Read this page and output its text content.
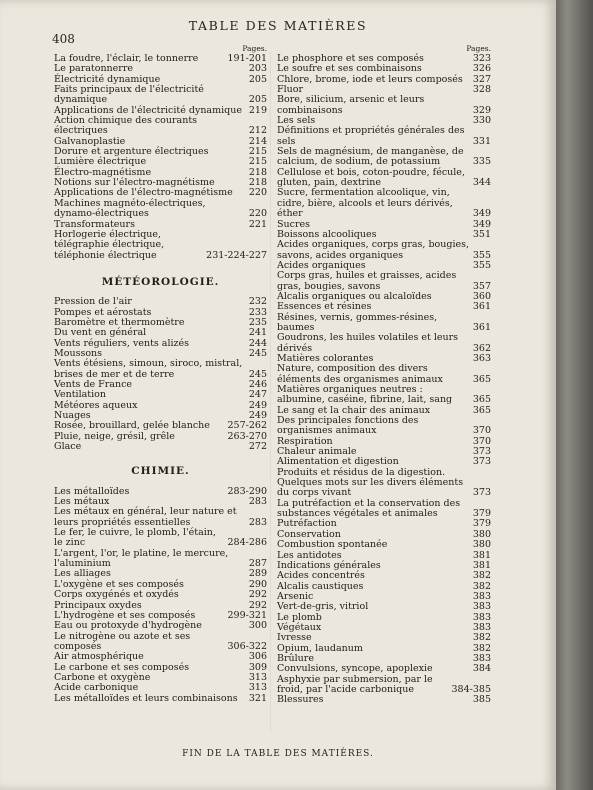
TABLE DES MATIÈRES
408
Pages.
La foudre, l'éclair, le tonnerre	191-201
Le paratonnerre	203
Électricité dynamique	205
Faits principaux de l'électricité dynamique	205
Applications de l'électricité dynamique 219
Action chimique des courants électriques	212
Galvanoplastie	214
Dorure et argenture électriques	215
Lumière électrique	215
Électro-magnétisme	218
Notions sur l'électro-magnétisme	218
Applications de l'électro-magnétisme	220
Machines magnéto-électriques, dynamo-électriques	220
Transformateurs	221
Horlogerie électrique, télégraphie électrique, téléphonie électrique	231-224-227
MÉTÉOROLOGIE.
Pression de l'air	232
Pompes et aérostats	233
Baromètre et thermomètre	235
Du vent en général	241
Vents réguliers, vents alizés	244
Moussons	245
Vents étésiens, simoun, siroco, mistral, brises de mer et de terre	245
Vents de France	246
Ventilation	247
Météores aqueux	249
Nuages	249
Rosée, brouillard, gelée blanche	257-262
Pluie, neige, grésil, grêle	263-270
Glace	272
CHIMIE.
Les métalloïdes	283-290
Les métaux	283
Les métaux en général, leur nature et leurs propriétés essentielles	283
Le fer, le cuivre, le plomb, l'étain, le zinc	284-286
L'argent, l'or, le platine, le mercure, l'aluminium	287
Les alliages	289
L'oxygène et ses composés	290
Corps oxygénés et oxydés	292
Principaux oxydes	292
L'hydrogène et ses composés	299-321
Eau ou protoxyde d'hydrogène	300
Le nitrogène ou azote et ses composés	306-322
Air atmosphérique	306
Le carbone et ses composés	309
Carbone et oxygène	313
Acide carbonique	313
Les métalloïdes et leurs combinaisons	321
Pages.
Le phosphore et ses composés	323
Le soufre et ses combinaisons	326
Chlore, brome, iode et leurs composés	327
Fluor	328
Bore, silicium, arsenic et leurs combinaisons	329
Les sels	330
Définitions et propriétés générales des sels	331
Sels de magnésium, de manganèse, de calcium, de sodium, de potassium	335
Cellulose et bois, coton-poudre, fécule, gluten, pain, dextrine	344
Sucre, fermentation alcoolique, vin, cidre, bière, alcools et leurs dérivés, éther	349
Sucres	349
Boissons alcooliques	351
Acides organiques, corps gras, bougies, savons, acides organiques	355
Acides organiques	355
Corps gras, huiles et graisses, acides gras, bougies, savons	357
Alcalis organiques ou alcaloïdes	360
Essences et résines	361
Résines, vernis, gommes-résines, baumes	361
Goudrons, les huiles volatiles et leurs dérivés	362
Matières colorantes	363
Nature, composition des divers éléments des organismes animaux	365
Matières organiques neutres : albumine, caséine, fibrine, lait, sang	365
Le sang et la chair des animaux	365
Des principales fonctions des organismes animaux	370
Respiration	370
Chaleur animale	373
Alimentation et digestion	373
Produits et résidus de la digestion. Quelques mots sur les divers éléments du corps vivant	373
La putréfaction et la conservation des substances végétales et animales	379
Putréfaction	379
Conservation	380
Combustion spontanée	380
Les antidotes	381
Indications générales	381
Acides concentrés	382
Alcalis caustiques	382
Arsenic	383
Vert-de-gris, vitriol	383
Le plomb	383
Végétaux	383
Ivresse	382
Opium, laudanum	382
Brûlure	383
Convulsions, syncope, apoplexie	384
Asphyxie par submersion, par le froid, par l'acide carbonique	384-385
Blessures	385
FIN DE LA TABLE DES MATIÈRES.
